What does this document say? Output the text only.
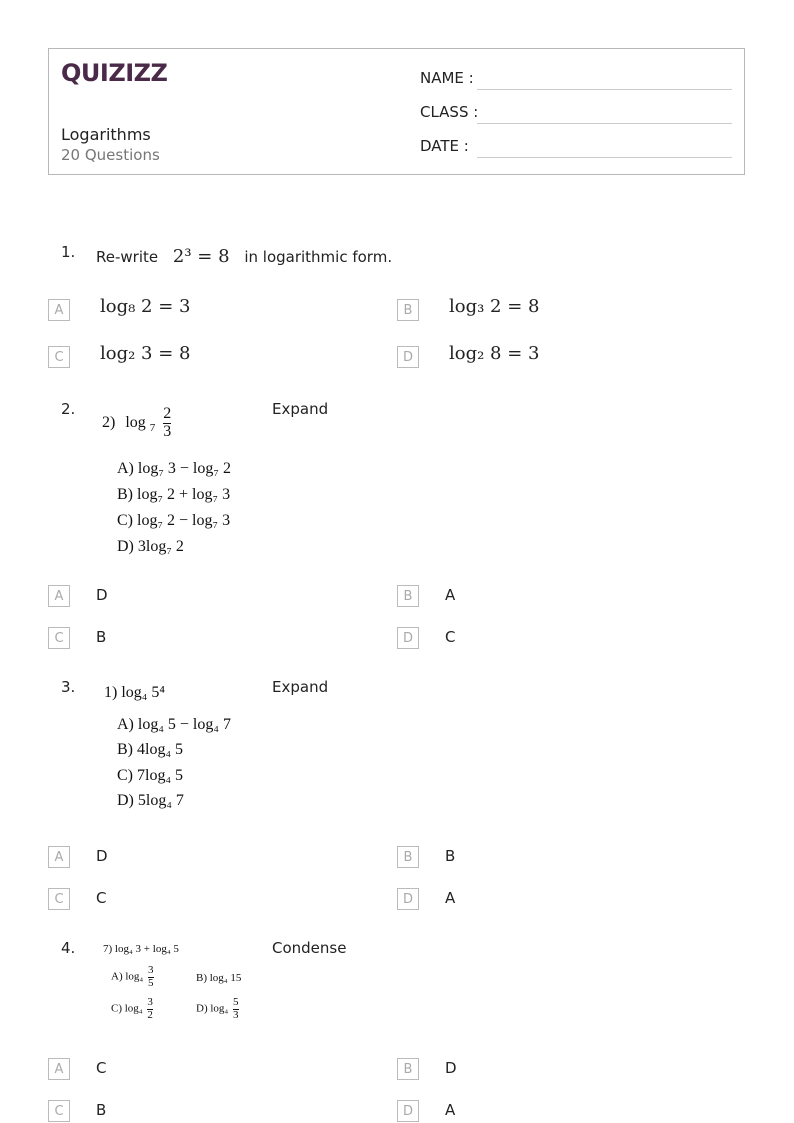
QUIZIZZ
Logarithms
20 Questions
NAME :
CLASS :
DATE :
1. Re-write 2³ = 8 in logarithmic form.
A	log₈ 2 = 3	B	log₃ 2 = 8
C	log₂ 3 = 8	D	log₂ 8 = 3
2.	Expand
2) $\log _7 \frac{2}{3}$
A) log₇ 3 − log₇ 2
B) log₇ 2 + log₇ 3
C) log₇ 2 − log₇ 3
D) 3log₇ 2
A	D	B	A
C	B	D	C
3.	Expand
1) log₄ 5⁴
A) log₄ 5 − log₄ 7
B) 4log₄ 5
C) 7log₄ 5
D) 5log₄ 7
A	D	B	B
C	C	D	A
4.	Condense
7) log₄ 3 + log₄ 5
A) $\log_4 \frac{3}{5}$	B) log₄ 15
C) $\log_4 \frac{3}{2}$	D) $\log_4 \frac{5}{3}$
A	C	B	D
C	B	D	A
